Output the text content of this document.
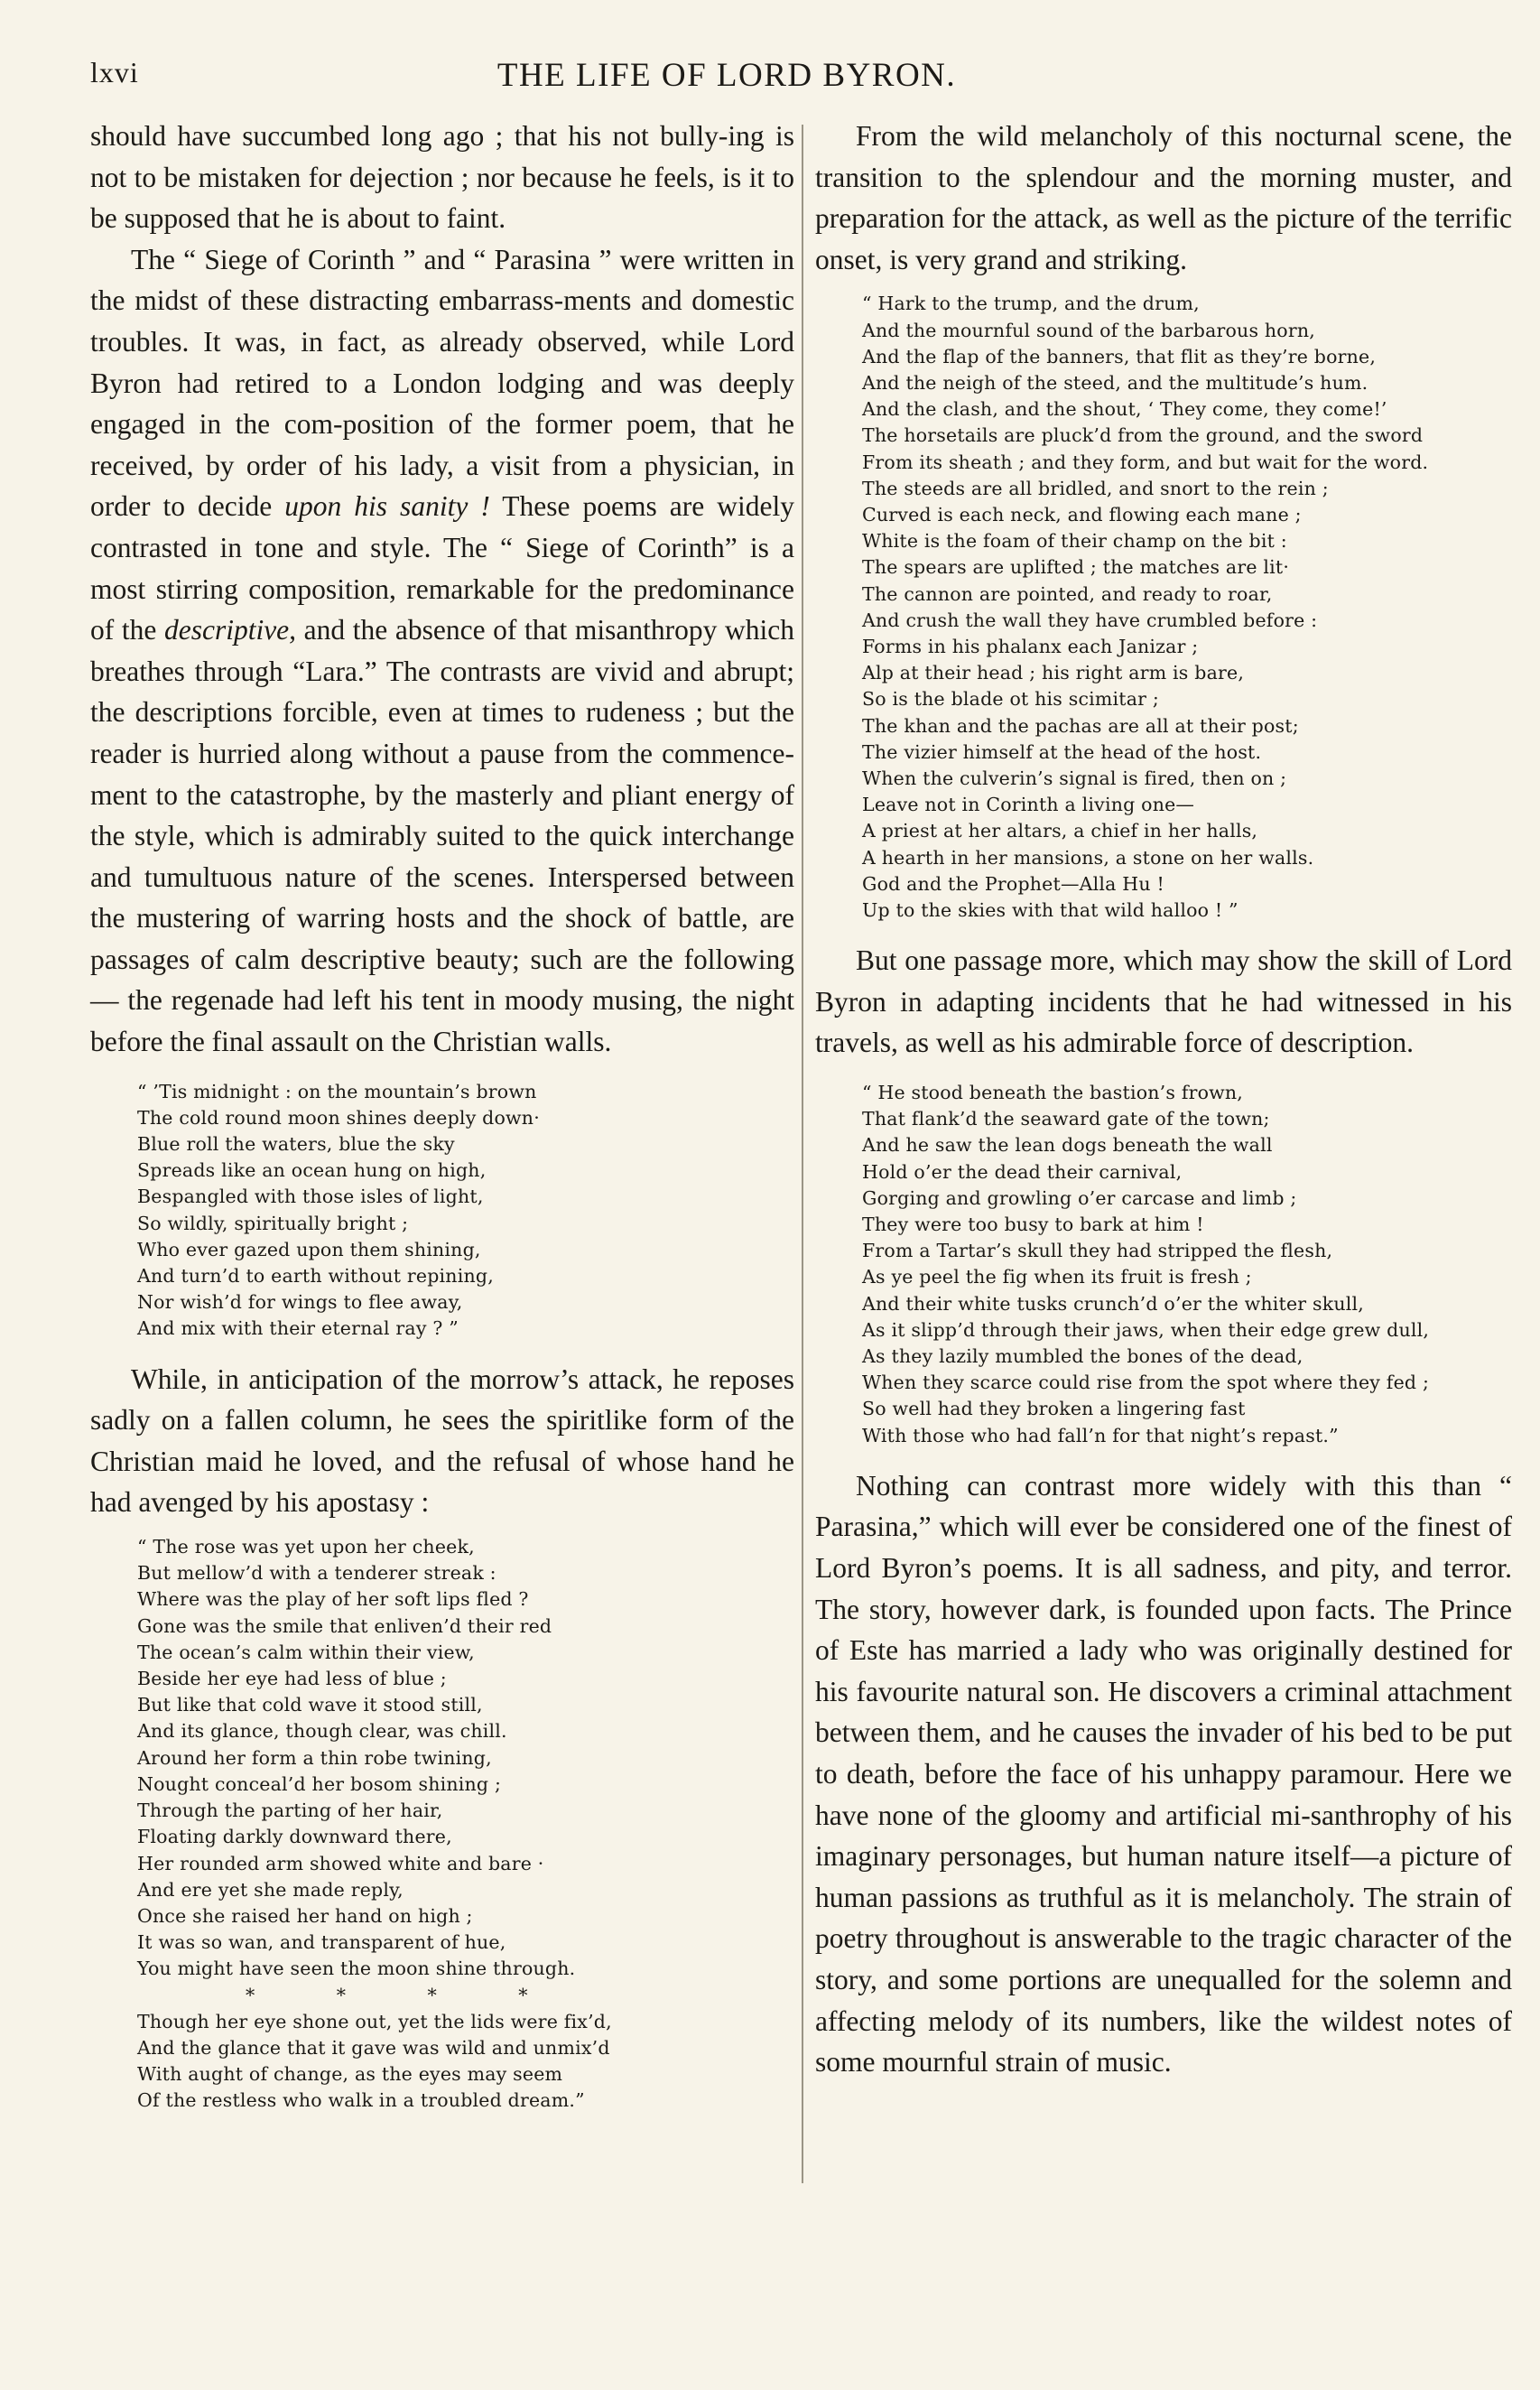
lxvi	THE LIFE OF LORD BYRON.

should have succumbed long ago ; that his not bully-ing is not to be mistaken for dejection ; nor because he feels, is it to be supposed that he is about to faint.

The “ Siege of Corinth ” and “ Parasina ” were written in the midst of these distracting embarrass-ments and domestic troubles. It was, in fact, as already observed, while Lord Byron had retired to a London lodging and was deeply engaged in the com-position of the former poem, that he received, by order of his lady, a visit from a physician, in order to decide upon his sanity ! These poems are widely contrasted in tone and style. The “ Siege of Corinth” is a most stirring composition, remarkable for the predominance of the descriptive, and the absence of that misanthropy which breathes through “Lara.” The contrasts are vivid and abrupt; the descriptions forcible, even at times to rudeness ; but the reader is hurried along without a pause from the commence-ment to the catastrophe, by the masterly and pliant energy of the style, which is admirably suited to the quick interchange and tumultuous nature of the scenes. Interspersed between the mustering of warring hosts and the shock of battle, are passages of calm descriptive beauty; such are the following — the regenade had left his tent in moody musing, the night before the final assault on the Christian walls.

“ ’Tis midnight : on the mountain’s brown
The cold round moon shines deeply down·
Blue roll the waters, blue the sky
Spreads like an ocean hung on high,
Bespangled with those isles of light,
So wildly, spiritually bright ;
Who ever gazed upon them shining,
And turn’d to earth without repining,
Nor wish’d for wings to flee away,
And mix with their eternal ray ? ”

While, in anticipation of the morrow’s attack, he reposes sadly on a fallen column, he sees the spiritlike form of the Christian maid he loved, and the refusal of whose hand he had avenged by his apostasy :

“ The rose was yet upon her cheek,
But mellow’d with a tenderer streak :
Where was the play of her soft lips fled ?
Gone was the smile that enliven’d their red
The ocean’s calm within their view,
Beside her eye had less of blue ;
But like that cold wave it stood still,
And its glance, though clear, was chill.
Around her form a thin robe twining,
Nought conceal’d her bosom shining ;
Through the parting of her hair,
Floating darkly downward there,
Her rounded arm showed white and bare ·
And ere yet she made reply,
Once she raised her hand on high ;
It was so wan, and transparent of hue,
You might have seen the moon shine through.
* * * *
Though her eye shone out, yet the lids were fix’d,
And the glance that it gave was wild and unmix’d
With aught of change, as the eyes may seem
Of the restless who walk in a troubled dream.”

From the wild melancholy of this nocturnal scene, the transition to the splendour and the morning muster, and preparation for the attack, as well as the picture of the terrific onset, is very grand and striking.

“ Hark to the trump, and the drum,
And the mournful sound of the barbarous horn,
And the flap of the banners, that flit as they’re borne,
And the neigh of the steed, and the multitude’s hum.
And the clash, and the shout, ‘ They come, they come!’
The horsetails are pluck’d from the ground, and the sword
From its sheath ; and they form, and but wait for the word.
The steeds are all bridled, and snort to the rein ;
Curved is each neck, and flowing each mane ;
White is the foam of their champ on the bit :
The spears are uplifted ; the matches are lit·
The cannon are pointed, and ready to roar,
And crush the wall they have crumbled before :
Forms in his phalanx each Janizar ;
Alp at their head ; his right arm is bare,
So is the blade ot his scimitar ;
The khan and the pachas are all at their post;
The vizier himself at the head of the host.
When the culverin’s signal is fired, then on ;
Leave not in Corinth a living one—
A priest at her altars, a chief in her halls,
A hearth in her mansions, a stone on her walls.
God and the Prophet—Alla Hu !
Up to the skies with that wild halloo ! ”

But one passage more, which may show the skill of Lord Byron in adapting incidents that he had witnessed in his travels, as well as his admirable force of description.

“ He stood beneath the bastion’s frown,
That flank’d the seaward gate of the town;
And he saw the lean dogs beneath the wall
Hold o’er the dead their carnival,
Gorging and growling o’er carcase and limb ;
They were too busy to bark at him !
From a Tartar’s skull they had stripped the flesh,
As ye peel the fig when its fruit is fresh ;
And their white tusks crunch’d o’er the whiter skull,
As it slipp’d through their jaws, when their edge grew dull,
As they lazily mumbled the bones of the dead,
When they scarce could rise from the spot where they fed ;
So well had they broken a lingering fast
With those who had fall’n for that night’s repast.”

Nothing can contrast more widely with this than “ Parasina,” which will ever be considered one of the finest of Lord Byron’s poems. It is all sadness, and pity, and terror. The story, however dark, is founded upon facts. The Prince of Este has married a lady who was originally destined for his favourite natural son. He discovers a criminal attachment between them, and he causes the invader of his bed to be put to death, before the face of his unhappy paramour. Here we have none of the gloomy and artificial mi-santhrophy of his imaginary personages, but human nature itself—a picture of human passions as truthful as it is melancholy. The strain of poetry throughout is answerable to the tragic character of the story, and some portions are unequalled for the solemn and affecting melody of its numbers, like the wildest notes of some mournful strain of music.
